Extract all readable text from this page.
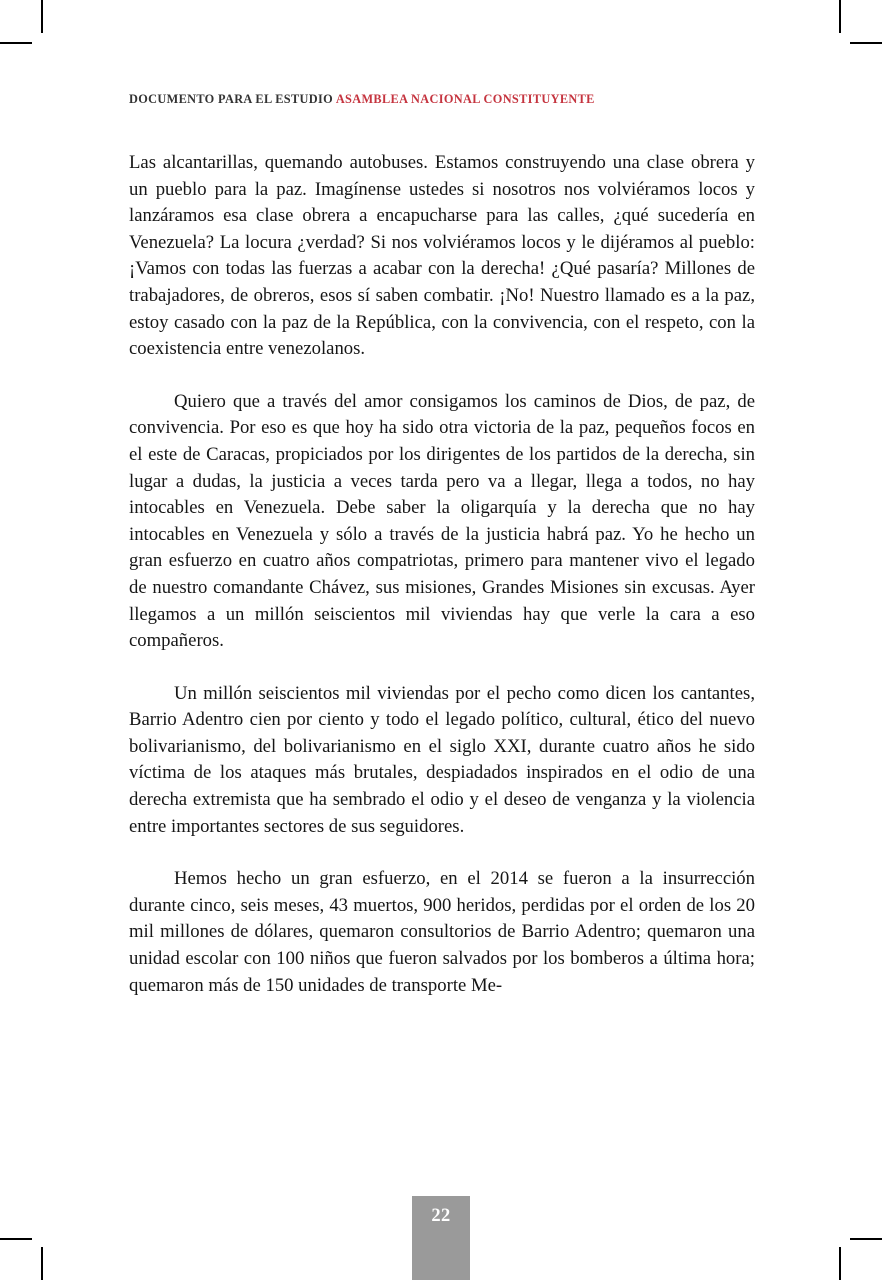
DOCUMENTO PARA EL ESTUDIO ASAMBLEA NACIONAL CONSTITUYENTE

Las alcantarillas, quemando autobuses. Estamos construyendo una clase obrera y un pueblo para la paz. Imagínense ustedes si nosotros nos volviéramos locos y lanzáramos esa clase obrera a encapucharse para las calles, ¿qué sucedería en Venezuela? La locura ¿verdad? Si nos volviéramos locos y le dijéramos al pueblo: ¡Vamos con todas las fuerzas a acabar con la derecha! ¿Qué pasaría? Millones de trabajadores, de obreros, esos sí saben combatir. ¡No! Nuestro llamado es a la paz, estoy casado con la paz de la República, con la convivencia, con el respeto, con la coexistencia entre venezolanos.

Quiero que a través del amor consigamos los caminos de Dios, de paz, de convivencia. Por eso es que hoy ha sido otra victoria de la paz, pequeños focos en el este de Caracas, propiciados por los dirigentes de los partidos de la derecha, sin lugar a dudas, la justicia a veces tarda pero va a llegar, llega a todos, no hay intocables en Venezuela. Debe saber la oligarquía y la derecha que no hay intocables en Venezuela y sólo a través de la justicia habrá paz. Yo he hecho un gran esfuerzo en cuatro años compatriotas, primero para mantener vivo el legado de nuestro comandante Chávez, sus misiones, Grandes Misiones sin excusas. Ayer llegamos a un millón seiscientos mil viviendas hay que verle la cara a eso compañeros.

Un millón seiscientos mil viviendas por el pecho como dicen los cantantes, Barrio Adentro cien por ciento y todo el legado político, cultural, ético del nuevo bolivarianismo, del bolivarianismo en el siglo XXI, durante cuatro años he sido víctima de los ataques más brutales, despiadados inspirados en el odio de una derecha extremista que ha sembrado el odio y el deseo de venganza y la violencia entre importantes sectores de sus seguidores.

Hemos hecho un gran esfuerzo, en el 2014 se fueron a la insurrección durante cinco, seis meses, 43 muertos, 900 heridos, perdidas por el orden de los 20 mil millones de dólares, quemaron consultorios de Barrio Adentro; quemaron una unidad escolar con 100 niños que fueron salvados por los bomberos a última hora; quemaron más de 150 unidades de transporte Me-

22
